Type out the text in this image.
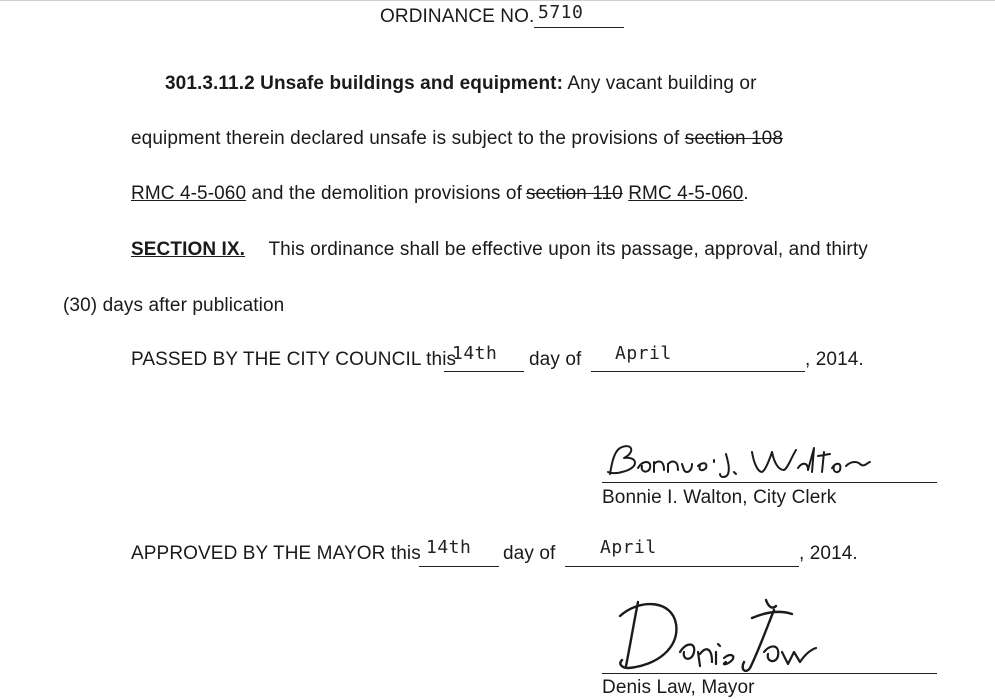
ORDINANCE NO. 5710
301.3.11.2 Unsafe buildings and equipment: Any vacant building or
equipment therein declared unsafe is subject to the provisions of section 108
RMC 4-5-060 and the demolition provisions of section 110 RMC 4-5-060.
SECTION IX. This ordinance shall be effective upon its passage, approval, and thirty
(30) days after publication
PASSED BY THE CITY COUNCIL this
14th day of April	, 2014.
Bonnie I. Walton, City Clerk
APPROVED BY THE MAYOR this 14th day of April	, 2014.
Denis Law, Mayor
